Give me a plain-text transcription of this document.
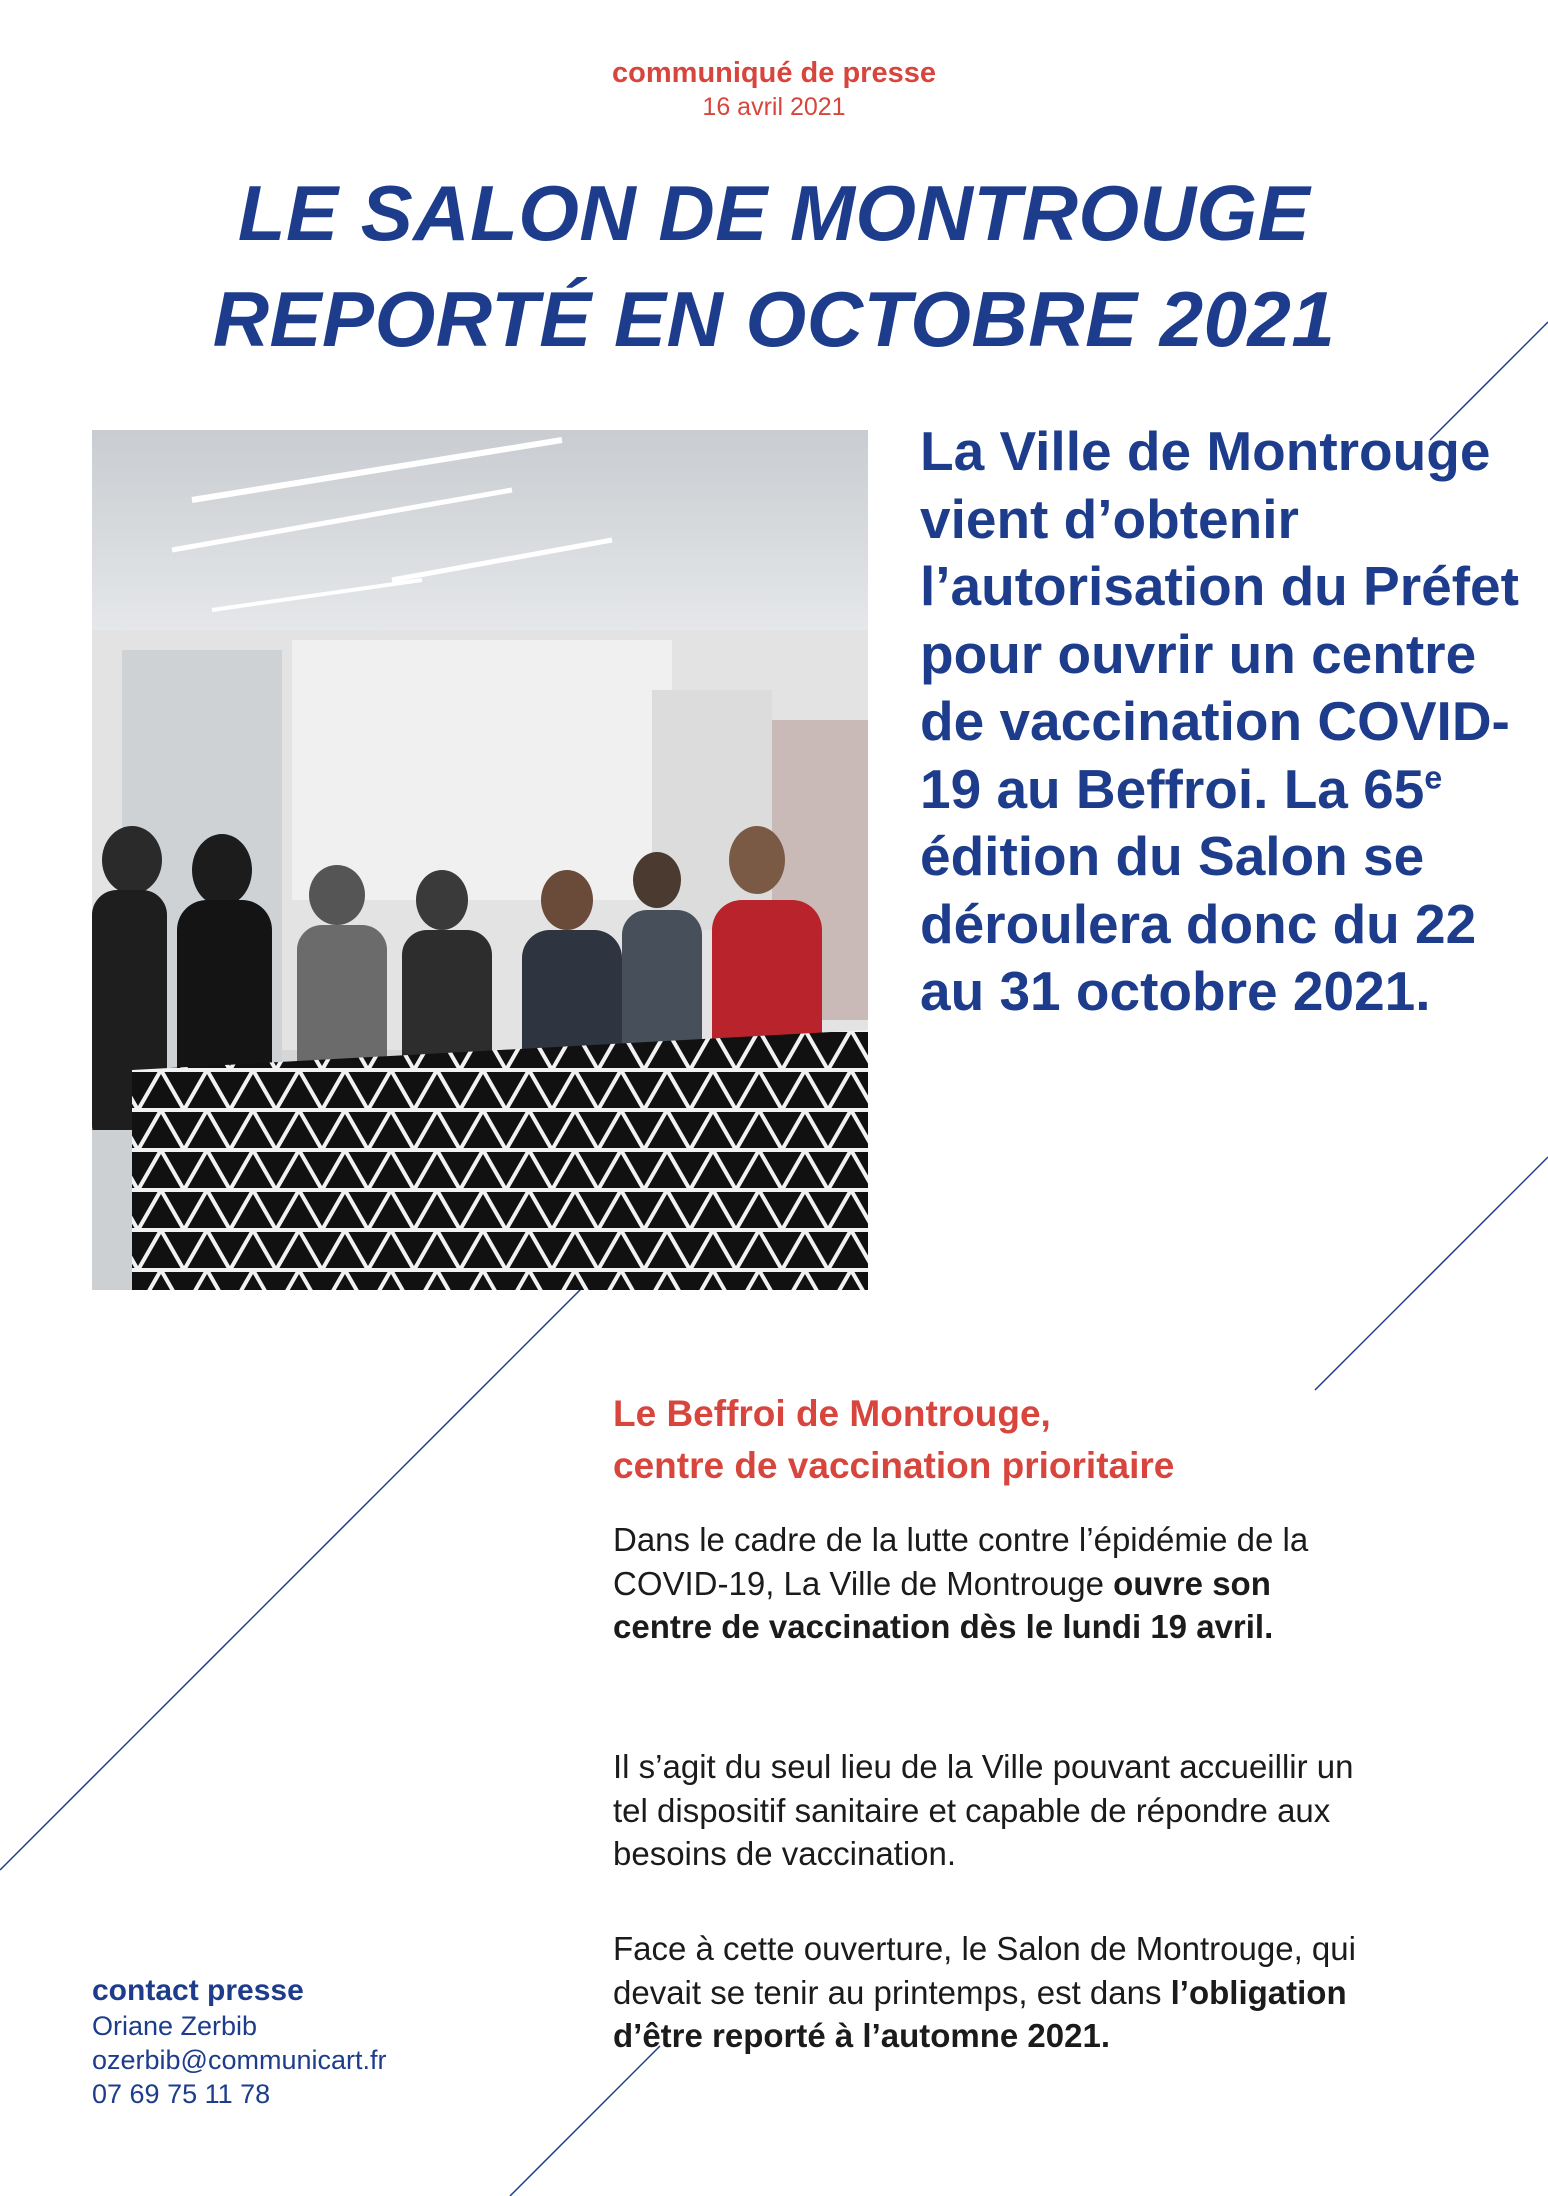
communiqué de presse
16 avril 2021
LE SALON DE MONTROUGE
REPORTÉ EN OCTOBRE 2021
La Ville de Montrouge vient d’obtenir l’autorisation du Préfet pour ouvrir un centre de vaccination COVID-19 au Beffroi. La 65e édition du Salon se déroulera donc du 22 au 31 octobre 2021.
Le Beffroi de Montrouge,
centre de vaccination prioritaire
Dans le cadre de la lutte contre l’épidémie de la COVID-19, La Ville de Montrouge ouvre son centre de vaccination dès le lundi 19 avril.
Il s’agit du seul lieu de la Ville pouvant accueillir un tel dispositif sanitaire et capable de répondre aux besoins de vaccination.
Face à cette ouverture, le Salon de Montrouge, qui devait se tenir au printemps, est dans l’obligation d’être reporté à l’automne 2021.
contact presse
Oriane Zerbib
ozerbib@communicart.fr
07 69 75 11 78
